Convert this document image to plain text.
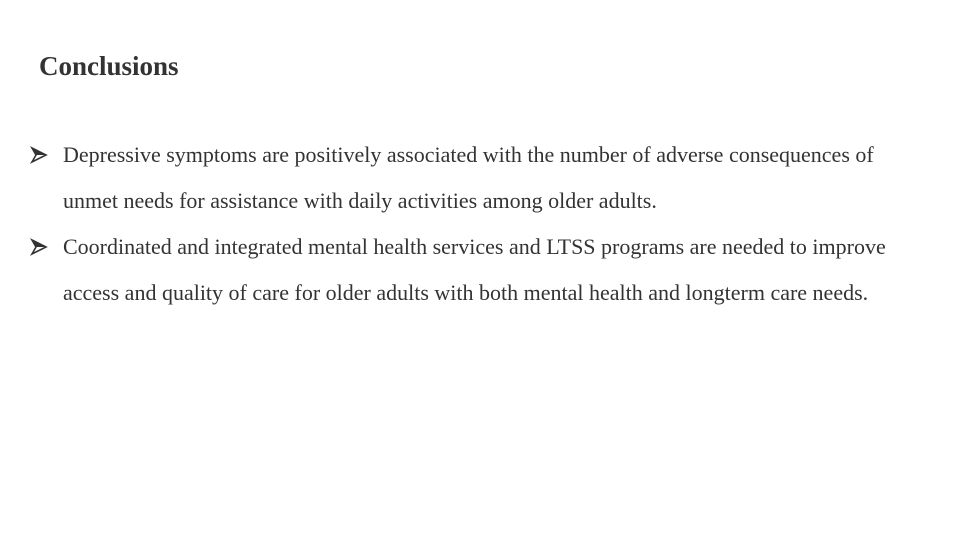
Conclusions
Depressive symptoms are positively associated with the number of adverse consequences of unmet needs for assistance with daily activities among older adults.
Coordinated and integrated mental health services and LTSS programs are needed to improve access and quality of care for older adults with both mental health and longterm care needs.
